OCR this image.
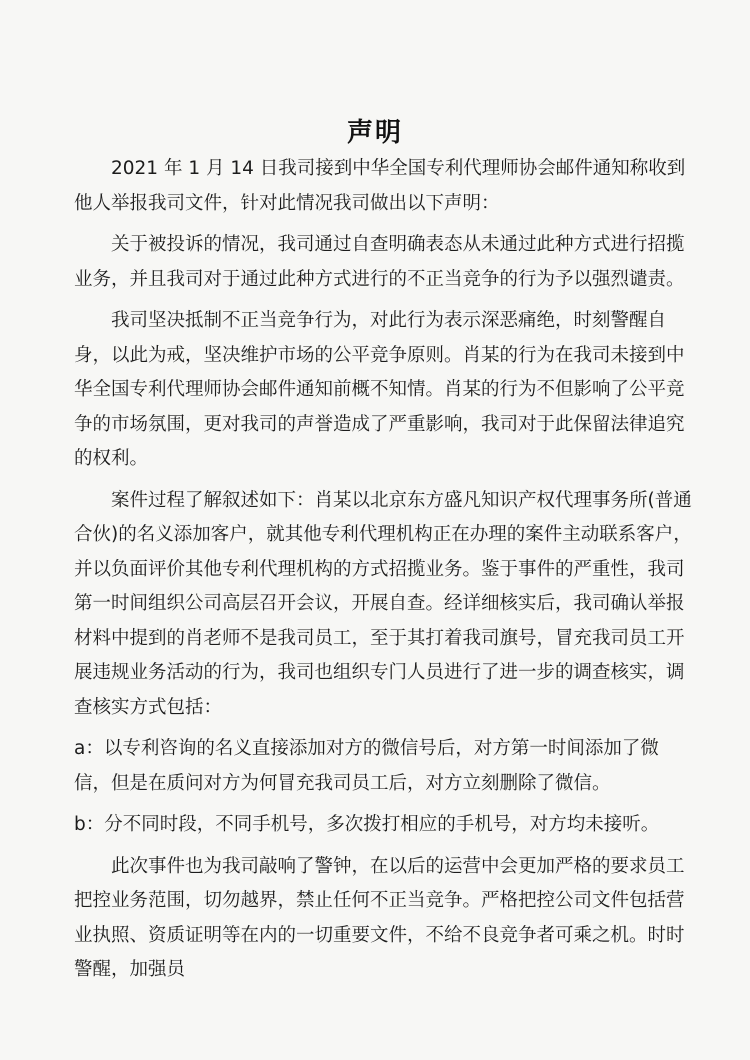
声明

2021 年 1 月 14 日我司接到中华全国专利代理师协会邮件通知称收到他人举报我司文件，针对此情况我司做出以下声明：

关于被投诉的情况，我司通过自查明确表态从未通过此种方式进行招揽业务，并且我司对于通过此种方式进行的不正当竞争的行为予以强烈谴责。

我司坚决抵制不正当竞争行为，对此行为表示深恶痛绝，时刻警醒自身，以此为戒，坚决维护市场的公平竞争原则。肖某的行为在我司未接到中华全国专利代理师协会邮件通知前概不知情。肖某的行为不但影响了公平竞争的市场氛围，更对我司的声誉造成了严重影响，我司对于此保留法律追究的权利。

案件过程了解叙述如下：肖某以北京东方盛凡知识产权代理事务所(普通合伙)的名义添加客户，就其他专利代理机构正在办理的案件主动联系客户，并以负面评价其他专利代理机构的方式招揽业务。鉴于事件的严重性，我司第一时间组织公司高层召开会议，开展自查。经详细核实后，我司确认举报材料中提到的肖老师不是我司员工，至于其打着我司旗号，冒充我司员工开展违规业务活动的行为，我司也组织专门人员进行了进一步的调查核实，调查核实方式包括：

a：以专利咨询的名义直接添加对方的微信号后，对方第一时间添加了微信，但是在质问对方为何冒充我司员工后，对方立刻删除了微信。

b：分不同时段，不同手机号，多次拨打相应的手机号，对方均未接听。

此次事件也为我司敲响了警钟，在以后的运营中会更加严格的要求员工把控业务范围，切勿越界，禁止任何不正当竞争。严格把控公司文件包括营业执照、资质证明等在内的一切重要文件，不给不良竞争者可乘之机。时时警醒，加强员
